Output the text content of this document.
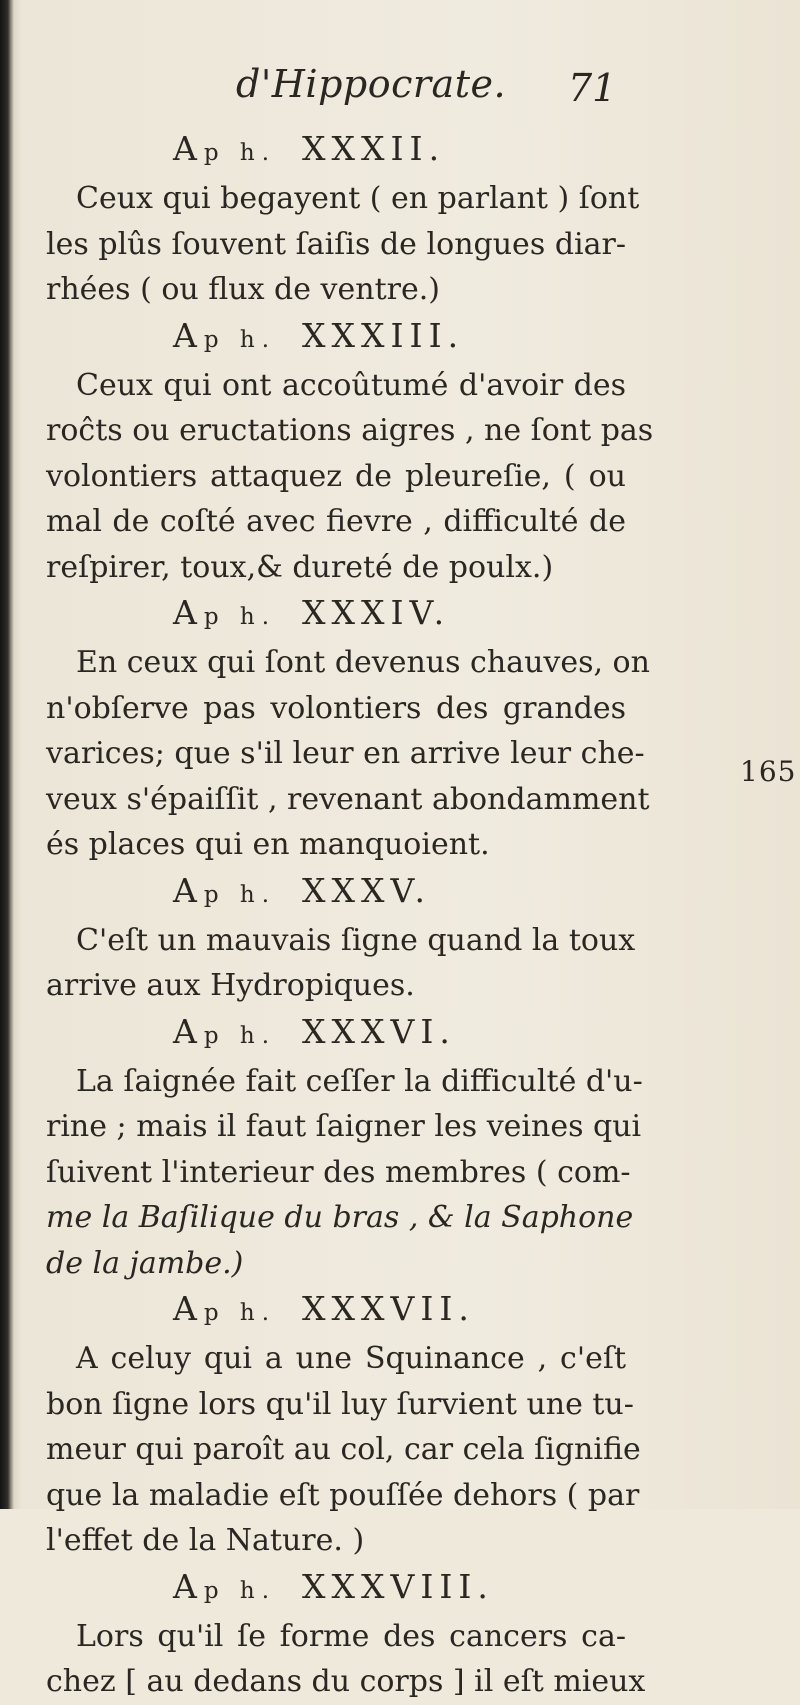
d'Hippocrate. 71

Ap h. XXXII.

Ceux qui begayent ( en parlant ) ſont

les plûs ſouvent ſaiſis de longues diar-

rhées ( ou flux de ventre.)

Ap h. XXXIII.

Ceux qui ont accoûtumé d'avoir des

roĉts ou eructations aigres , ne ſont pas

volontiers attaquez de pleureſie, ( ou

mal de coſté avec fievre , difficulté de

reſpirer, toux,& dureté de poulx.)

Ap h. XXXIV.

En ceux qui ſont devenus chauves, on

n'obſerve pas volontiers des grandes

varices; que s'il leur en arrive leur che-

veux s'épaiſſit , revenant abondamment

és places qui en manquoient.

Ap h. XXXV.

C'eſt un mauvais ſigne quand la toux

arrive aux Hydropiques.

Ap h. XXXVI.

La ſaignée fait ceſſer la difficulté d'u-

rine ; mais il faut ſaigner les veines qui

ſuivent l'interieur des membres ( com-

me la Baſilique du bras , & la Saphone

de la jambe.)

Ap h. XXXVII.

A celuy qui a une Squinance , c'eſt

bon ſigne lors qu'il luy ſurvient une tu-

meur qui paroît au col, car cela ſignifie

que la maladie eſt pouſſée dehors ( par

l'effet de la Nature. )

Ap h. XXXVIII.

Lors qu'il ſe forme des cancers ca-

chez [ au dedans du corps ] il eſt mieux

165
